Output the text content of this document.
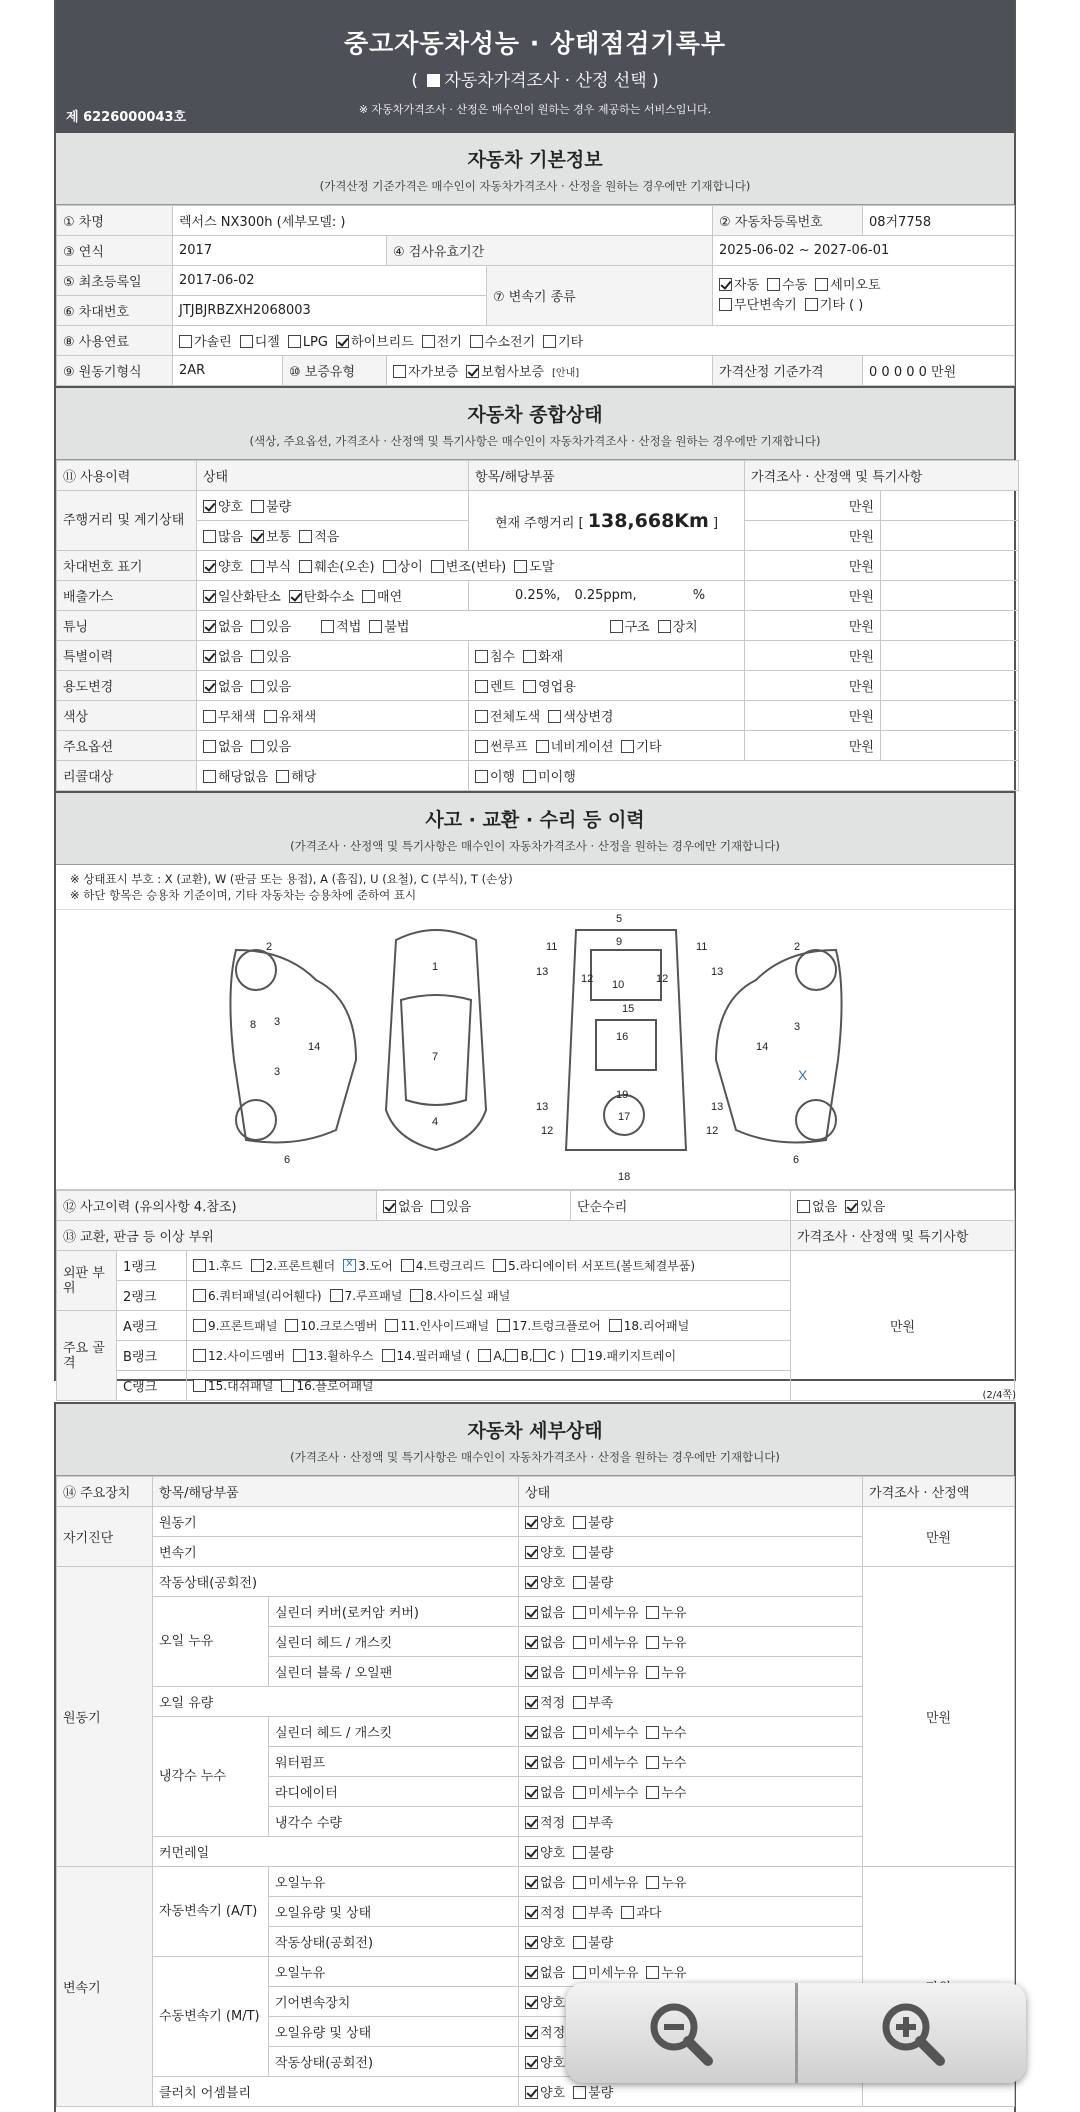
중고자동차성능 · 상태점검기록부
( 자동차가격조사 · 산정 선택 )
※ 자동차가격조사 · 산정은 매수인이 원하는 경우 제공하는 서비스입니다.
제 6226000043호
자동차 기본정보
(가격산정 기준가격은 매수인이 자동차가격조사 · 산정을 원하는 경우에만 기재합니다)
① 차명	렉서스 NX300h (세부모델: )				② 자동차등록번호	08거7758
③ 연식	2017		④ 검사유효기간		2025-06-02 ~ 2027-06-01	
⑤ 최초등록일	2017-06-02			⑦ 변속기 종류	자동 수동 세미오토
무단변속기 기타 ( )	
⑥ 차대번호	JTJBJRBZXH2068003					
⑧ 사용연료	가솔린 디젤 LPG 하이브리드 전기 수소전기 기타					
⑨ 원동기형식	2AR	⑩ 보증유형	자가보증 보험사보증 [안내]		가격산정 기준가격	0 0 0 0 0 만원
자동차 종합상태
(색상, 주요옵션, 가격조사 · 산정액 및 특기사항은 매수인이 자동차가격조사 · 산정을 원하는 경우에만 기재합니다)
⑪ 사용이력	상태	항목/해당부품	가격조사 · 산정액 및 특기사항	
주행거리 및 계기상태	양호 불량	현재 주행거리 [ 138,668Km ]	만원	
	많음 보통 적음		만원	
차대번호 표기	양호 부식 훼손(오손) 상이 변조(변타) 도말		만원	
배출가스	일산화탄소 탄화수소 매연	0.25%, 0.25ppm, %	만원	
튜닝	없음 있음 적법 불법 구조 장치		만원	
특별이력	없음 있음	침수 화재	만원	
용도변경	없음 있음	렌트 영업용	만원	
색상	무채색 유채색	전체도색 색상변경	만원	
주요옵션	없음 있음	썬루프 네비게이션 기타	만원	
리콜대상	해당없음 해당	이행 미이행		
사고 · 교환 · 수리 등 이력
(가격조사 · 산정액 및 특기사항은 매수인이 자동차가격조사 · 산정을 원하는 경우에만 기재합니다)
※ 상태표시 부호 : X (교환), W (판금 또는 용접), A (흠집), U (요철), C (부식), T (손상)
※ 하단 항목은 승용차 기준이며, 기타 자동차는 승용차에 준하여 표시
2
3
3
6
8
14
1
7
4
5
9
15
16
17
18
10
11	11
13	13
12	12
13	13
12	12
19
2
3
6
14
X
⑫ 사고이력 (유의사항 4.참조)			없음 있음	단순수리	없음 있음
⑬ 교환, 판금 등 이상 부위					가격조사 · 산정액 및 특기사항
외판 부위	1랭크	1.후드 2.프론트휀더 x 3.도어 4.트렁크리드 5.라디에이터 서포트(볼트체결부품)			만원
	2랭크	6.쿼터패널(리어휀다) 7.루프패널 8.사이드실 패널			
주요 골격	A랭크	9.프론트패널 10.크로스멤버 11.인사이드패널 17.트렁크플로어 18.리어패널			
	B랭크	12.사이드멤버 13.휠하우스 14.필러패널 ( A, B, C ) 19.패키지트레이			
	C랭크	15.대쉬패널 16.플로어패널			
(2/4쪽)
자동차 세부상태
(가격조사 · 산정액 및 특기사항은 매수인이 자동차가격조사 · 산정을 원하는 경우에만 기재합니다)
⑭ 주요장치	항목/해당부품		상태	가격조사 · 산정액
자기진단	원동기		양호 불량	만원
	변속기		양호 불량	
원동기	작동상태(공회전)		양호 불량	만원
	오일 누유	실린더 커버(로커암 커버)	없음 미세누유 누유	
		실린더 헤드 / 개스킷	없음 미세누유 누유	
		실린더 블록 / 오일팬	없음 미세누유 누유	
	오일 유량		적정 부족	
	냉각수 누수	실린더 헤드 / 개스킷	없음 미세누수 누수	
		워터펌프	없음 미세누수 누수	
		라디에이터	없음 미세누수 누수	
		냉각수 수량	적정 부족	
	커먼레일		양호 불량	
변속기	자동변속기 (A/T)	오일누유	없음 미세누유 누유	
		오일유량 및 상태	적정 부족 과다	
		작동상태(공회전)	양호 불량	
	수동변속기 (M/T)	오일누유	없음 미세누유 누유	
		기어변속장치	양호	
		오일유량 및 상태	적정	
		작동상태(공회전)	양호	
	클러치 어셈블리		양호 불량	
